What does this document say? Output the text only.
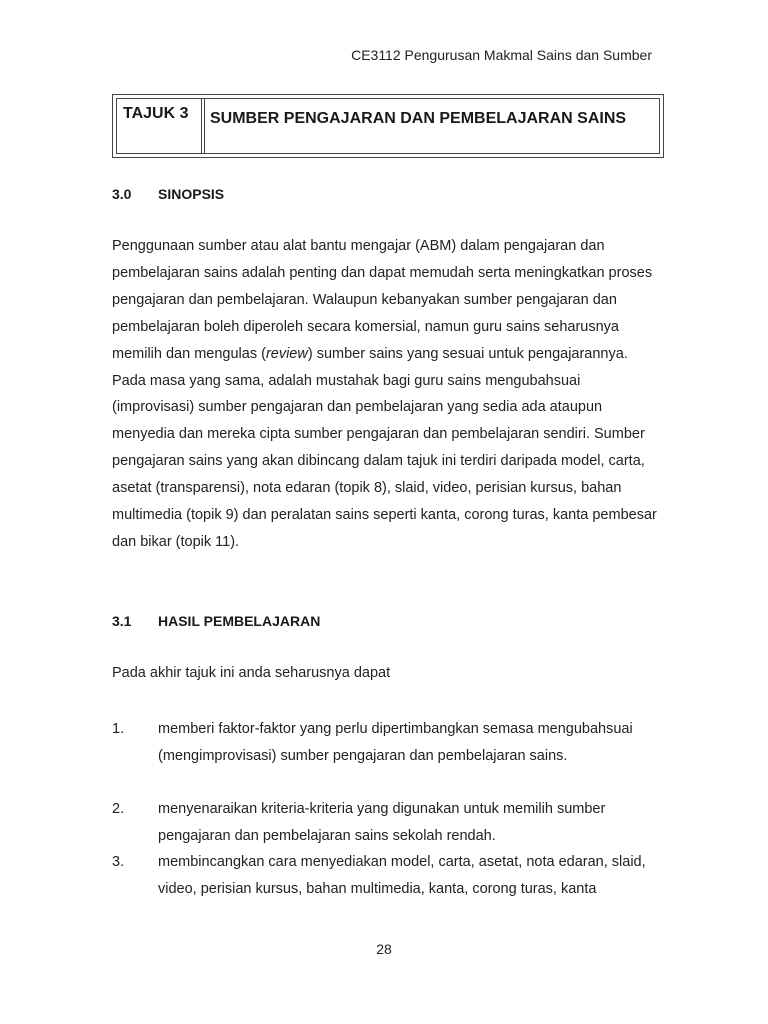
CE3112 Pengurusan Makmal Sains dan Sumber
TAJUK 3 SUMBER PENGAJARAN DAN PEMBELAJARAN SAINS
3.0 SINOPSIS
Penggunaan sumber atau alat bantu mengajar (ABM) dalam pengajaran dan pembelajaran sains adalah penting dan dapat memudah serta meningkatkan proses pengajaran dan pembelajaran. Walaupun kebanyakan sumber pengajaran dan pembelajaran boleh diperoleh secara komersial, namun guru sains seharusnya memilih dan mengulas (review) sumber sains yang sesuai untuk pengajarannya. Pada masa yang sama, adalah mustahak bagi guru sains mengubahsuai (improvisasi) sumber pengajaran dan pembelajaran yang sedia ada ataupun menyedia dan mereka cipta sumber pengajaran dan pembelajaran sendiri. Sumber pengajaran sains yang akan dibincang dalam tajuk ini terdiri daripada model, carta, asetat (transparensi), nota edaran (topik 8), slaid, video, perisian kursus, bahan multimedia (topik 9) dan peralatan sains seperti kanta, corong turas, kanta pembesar dan bikar (topik 11).
3.1 HASIL PEMBELAJARAN
Pada akhir tajuk ini anda seharusnya dapat
1. memberi faktor-faktor yang perlu dipertimbangkan semasa mengubahsuai (mengimprovisasi) sumber pengajaran dan pembelajaran sains.
2. menyenaraikan kriteria-kriteria yang digunakan untuk memilih sumber pengajaran dan pembelajaran sains sekolah rendah.
3. membincangkan cara menyediakan model, carta, asetat, nota edaran, slaid, video, perisian kursus, bahan multimedia, kanta, corong turas, kanta
28
